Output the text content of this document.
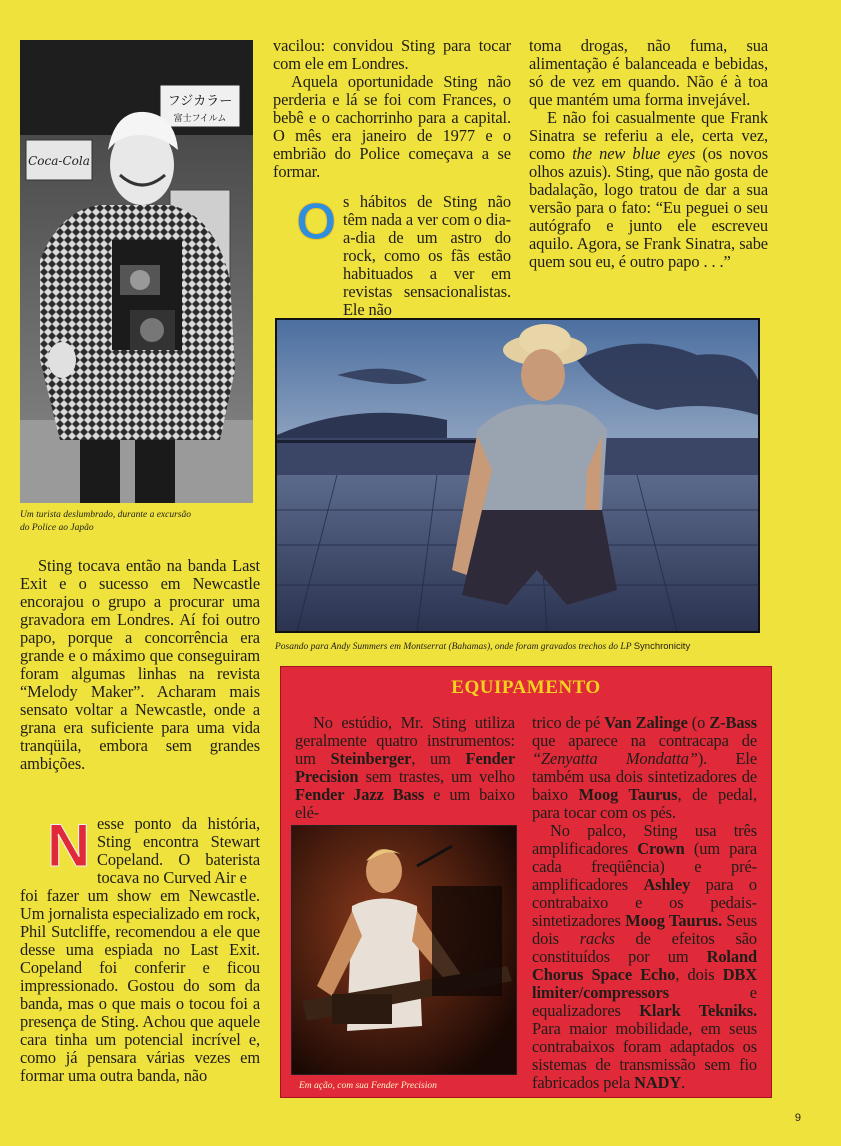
フジカラー
富士フイルム
Coca-Cola
Um turista deslumbrado, durante a excursão
do Police ao Japão

vacilou: convidou Sting para tocar com ele em Londres.

Aquela oportunidade Sting não perderia e lá se foi com Frances, o bebê e o cachorrinho para a capital. O mês era janeiro de 1977 e o embrião do Police começava a se formar.

O s hábitos de Sting não têm nada a ver com o dia-a-dia de um astro do rock, como os fãs estão habituados a ver em revistas sensacionalistas. Ele não

toma drogas, não fuma, sua alimentação é balanceada e bebidas, só de vez em quando. Não é à toa que mantém uma forma invejável.

E não foi casualmente que Frank Sinatra se referiu a ele, certa vez, como the new blue eyes (os novos olhos azuis). Sting, que não gosta de badalação, logo tratou de dar a sua versão para o fato: “Eu peguei o seu autógrafo e junto ele escreveu aquilo. Agora, se Frank Sinatra, sabe quem sou eu, é outro papo . . .”

Posando para Andy Summers em Montserrat (Bahamas), onde foram gravados trechos do LP Synchronicity

Sting tocava então na banda Last Exit e o sucesso em Newcastle encorajou o grupo a procurar uma gravadora em Londres. Aí foi outro papo, porque a concorrência era grande e o máximo que conseguiram foram algumas linhas na revista “Melody Maker”. Acharam mais sensato voltar a Newcastle, onde a grana era suficiente para uma vida tranqüila, embora sem grandes ambições.

N esse ponto da história, Sting encontra Stewart Copeland. O baterista tocava no Curved Air e

foi fazer um show em Newcastle. Um jornalista especializado em rock, Phil Sutcliffe, recomendou a ele que desse uma espiada no Last Exit. Copeland foi conferir e ficou impressionado. Gostou do som da banda, mas o que mais o tocou foi a presença de Sting. Achou que aquele cara tinha um potencial incrível e, como já pensara várias vezes em formar uma outra banda, não

EQUIPAMENTO

No estúdio, Mr. Sting utiliza geralmente quatro instrumentos: um Steinberger, um Fender Precision sem trastes, um velho Fender Jazz Bass e um baixo elé-

Em ação, com sua Fender Precision

trico de pé Van Zalinge (o Z-Bass que aparece na contracapa de “Zenyatta Mondatta”). Ele também usa dois sintetizadores de baixo Moog Taurus, de pedal, para tocar com os pés.

No palco, Sting usa três amplificadores Crown (um para cada freqüência) e pré-amplificadores Ashley para o contrabaixo e os pedais-sintetizadores Moog Taurus. Seus dois racks de efeitos são constituídos por um Roland Chorus Space Echo, dois DBX limiter/compressors e equalizadores Klark Tekniks. Para maior mobilidade, em seus contrabaixos foram adaptados os sistemas de transmissão sem fio fabricados pela NADY.

9
